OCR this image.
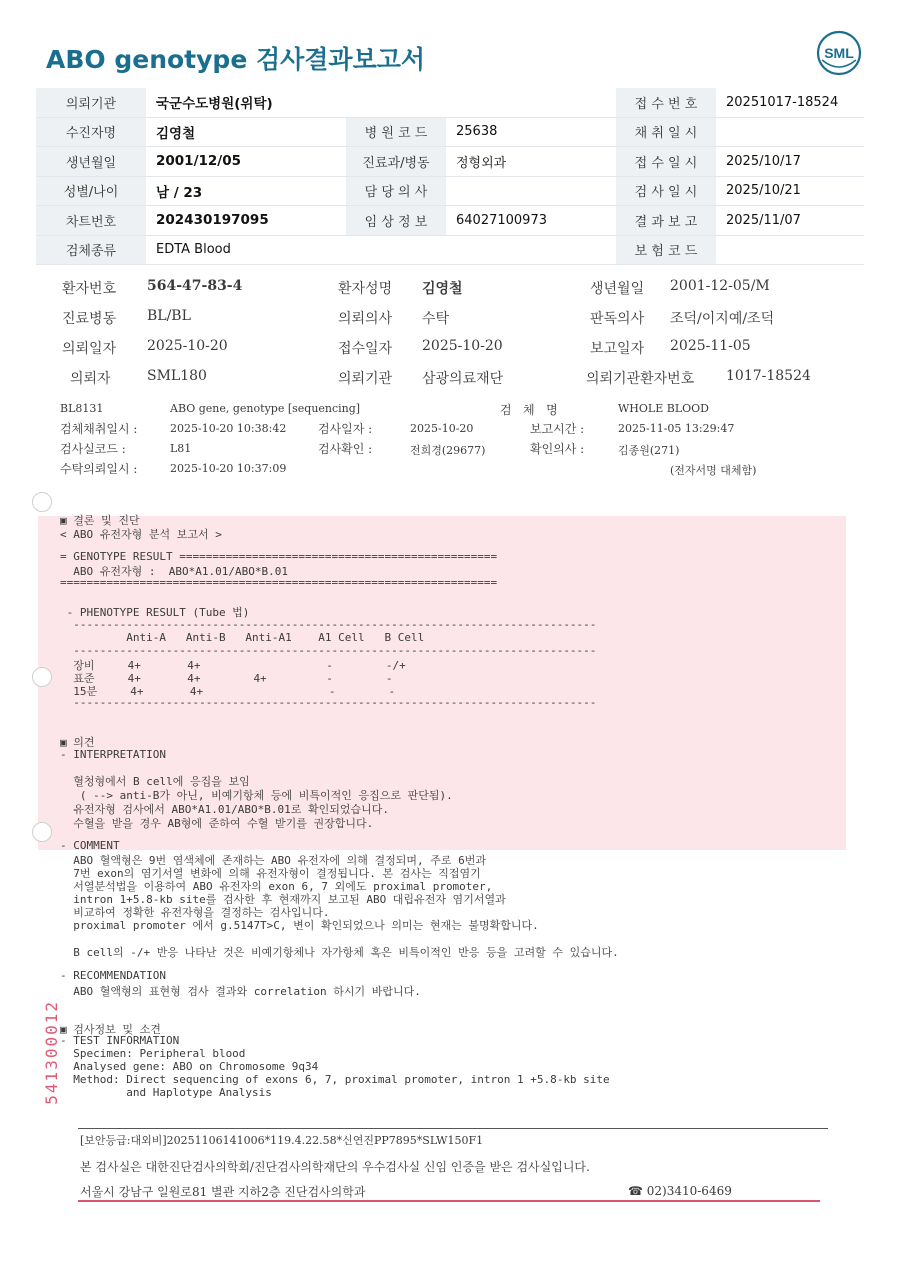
ABO genotype 검사결과보고서	SML
의뢰기관	국군수도병원(위탁)			접 수 번 호	20251017-18524
수진자명	김영철	병 원 코 드	25638	채 취 일 시	
생년월일	2001/12/05	진료과/병동	정형외과	접 수 일 시	2025/10/17
성별/나이	남 / 23	담 당 의 사		검 사 일 시	2025/10/21
차트번호	202430197095	임 상 정 보	64027100973	결 과 보 고	2025/11/07
검체종류	EDTA Blood			보 험 코 드	
환자번호 564-47-83-4	환자성명 김영철	생년월일 2001-12-05/M
진료병동 BL/BL	의뢰의사 수탁	판독의사 조덕/이지예/조덕
의뢰일자 2025-10-20	접수일자 2025-10-20	보고일자 2025-11-05
의뢰자	SML180	의뢰기관 삼광의료재단	의뢰기관환자번호 1017-18524
BL8131	ABO gene, genotype [sequencing]	검   체   명	WHOLE BLOOD
검체채취일시 :	2025-10-20 10:38:42	검사일자 :	2025-10-20	보고시간 :	2025-11-05 13:29:47
검사실코드 :	L81	검사확인 :	전희경(29677)	확인의사 :	김종원(271)
수탁의뢰일시 :	2025-10-20 10:37:09	(전자서명 대체함)
▣ 결론 및 진단
< ABO 유전자형 분석 보고서 >
= GENOTYPE RESULT ================================================
ABO 유전자형 :  ABO*A1.01/ABO*B.01
==================================================================
- PHENOTYPE RESULT (Tube 법)
-------------------------------------------------------------------------------
Anti-A   Anti-B   Anti-A1    A1 Cell   B Cell
-------------------------------------------------------------------------------
장비     4+       4+                   -        -/+
표준     4+       4+        4+         -        -
15분     4+       4+                   -        -
-------------------------------------------------------------------------------
▣ 의견
- INTERPRETATION
혈청형에서 B cell에 응집을 보임
( --> anti-B가 아닌, 비예기항체 등에 비특이적인 응집으로 판단됨).
유전자형 검사에서 ABO*A1.01/ABO*B.01로 확인되었습니다.
수혈을 받을 경우 AB형에 준하여 수혈 받기를 권장합니다.
- COMMENT
ABO 혈액형은 9번 염색체에 존재하는 ABO 유전자에 의해 결정되며, 주로 6번과
7번 exon의 염기서열 변화에 의해 유전자형이 결정됩니다. 본 검사는 직접염기
서열분석법을 이용하여 ABO 유전자의 exon 6, 7 외에도 proximal promoter,
intron 1+5.8-kb site를 검사한 후 현재까지 보고된 ABO 대립유전자 염기서열과
비교하여 정확한 유전자형을 결정하는 검사입니다.
proximal promoter 에서 g.5147T>C, 변이 확인되었으나 의미는 현재는 불명확합니다.
B cell의 -/+ 반응 나타난 것은 비예기항체나 자가항체 혹은 비특이적인 반응 등을 고려할 수 있습니다.
- RECOMMENDATION
ABO 혈액형의 표현형 검사 결과와 correlation 하시기 바랍니다.
▣ 검사정보 및 소견
- TEST INFORMATION
Specimen: Peripheral blood
Analysed gene: ABO on Chromosome 9q34
Method: Direct sequencing of exons 6, 7, proximal promoter, intron 1 +5.8-kb site
and Haplotype Analysis
[보안등급:대외비]20251106141006*119.4.22.58*신연진PP7895*SLW150F1
본 검사실은 대한진단검사의학회/진단검사의학재단의 우수검사실 신임 인증을 받은 검사실입니다.
서울시 강남구 일원로81 별관 지하2층 진단검사의학과	☎ 02)3410-6469
541300012
